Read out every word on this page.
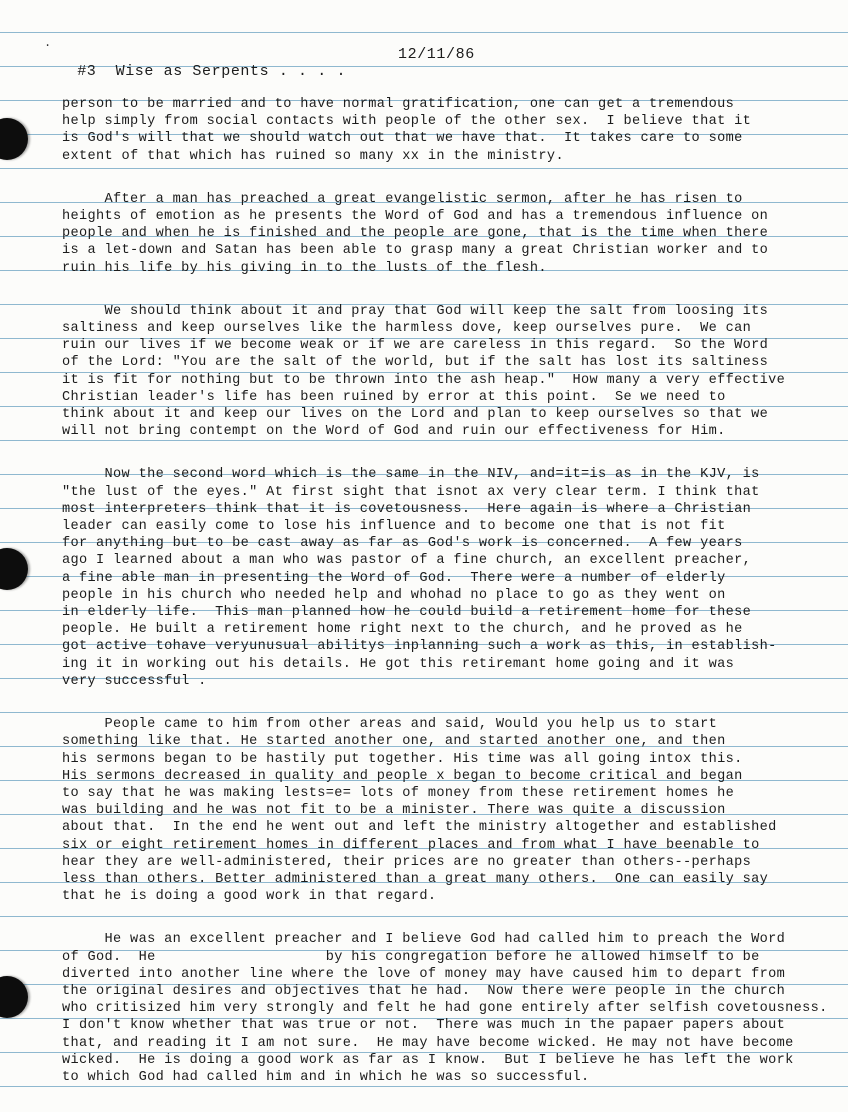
.

#3  Wise as Serpents . . . .

12/11/86

person to be married and to have normal gratification, one can get a tremendous
help simply from social contacts with people of the other sex.  I believe that it
is God's will that we should watch out that we have that.  It takes care to some
extent of that which has ruined so many xx in the ministry.
After a man has preached a great evangelistic sermon, after he has risen to
heights of emotion as he presents the Word of God and has a tremendous influence on
people and when he is finished and the people are gone, that is the time when there
is a let-down and Satan has been able to grasp many a great Christian worker and to
ruin his life by his giving in to the lusts of the flesh.
We should think about it and pray that God will keep the salt from loosing its
saltiness and keep ourselves like the harmless dove, keep ourselves pure.  We can
ruin our lives if we become weak or if we are careless in this regard.  So the Word
of the Lord: "You are the salt of the world, but if the salt has lost its saltiness
it is fit for nothing but to be thrown into the ash heap."  How many a very effective
Christian leader's life has been ruined by error at this point.  Se we need to
think about it and keep our lives on the Lord and plan to keep ourselves so that we
will not bring contempt on the Word of God and ruin our effectiveness for Him.
Now the second word which is the same in the NIV, and=it=is as in the KJV, is
"the lust of the eyes." At first sight that isnot ax very clear term. I think that
most interpreters think that it is covetousness.  Here again is where a Christian
leader can easily come to lose his influence and to become one that is not fit
for anything but to be cast away as far as God's work is concerned.  A few years
ago I learned about a man who was pastor of a fine church, an excellent preacher,
a fine able man in presenting the Word of God.  There were a number of elderly
people in his church who needed help and whohad no place to go as they went on
in elderly life.  This man planned how he could build a retirement home for these
people. He built a retirement home right next to the church, and he proved as he
got active tohave veryunusual abilitys inplanning such a work as this, in establish-
ing it in working out his details. He got this retiremant home going and it was
very successful .
People came to him from other areas and said, Would you help us to start
something like that. He started another one, and started another one, and then
his sermons began to be hastily put together. His time was all going intox this.
His sermons decreased in quality and people x began to become critical and began
to say that he was making lests=e= lots of money from these retirement homes he
was building and he was not fit to be a minister. There was quite a discussion
about that.  In the end he went out and left the ministry altogether and established
six or eight retirement homes in different places and from what I have beenable to
hear they are well-administered, their prices are no greater than others--perhaps
less than others. Better administered than a great many others.  One can easily say
that he is doing a good work in that regard.
He was an excellent preacher and I believe God had called him to preach the Word
of God.  He                    by his congregation before he allowed himself to be
diverted into another line where the love of money may have caused him to depart from
the original desires and objectives that he had.  Now there were people in the church
who critisized him very strongly and felt he had gone entirely after selfish covetousness.
I don't know whether that was true or not.  There was much in the papaer papers about
that, and reading it I am not sure.  He may have become wicked. He may not have become
wicked.  He is doing a good work as far as I know.  But I believe he has left the work
to which God had called him and in which he was so successful.
